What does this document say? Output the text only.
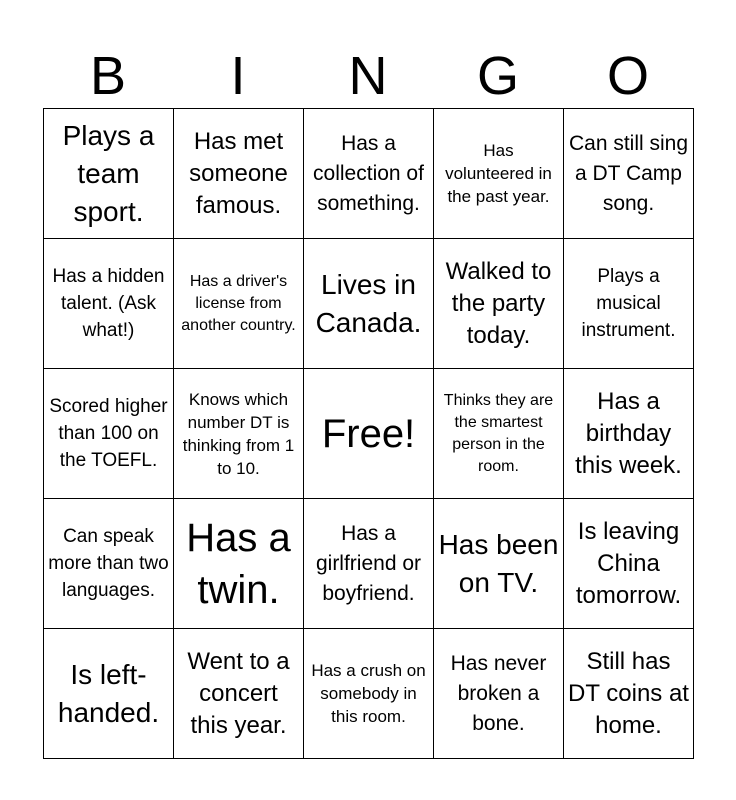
B	I	N	G	O
Plays a team sport.	Has met someone famous.	Has a collection of something.	Has volunteered in the past year.	Can still sing a DT Camp song.

Has a hidden talent. (Ask what!)	Has a driver's license from another country.	Lives in Canada.	Walked to the party today.	Plays a musical instrument.

Scored higher than 100 on the TOEFL.	Knows which number DT is thinking from 1 to 10.	Free!	Thinks they are the smartest person in the room.	Has a birthday this week.

Can speak more than two languages.	Has a twin.	Has a girlfriend or boyfriend.	Has been on TV.	Is leaving China tomorrow.

Is left-handed.	Went to a concert this year.	Has a crush on somebody in this room.	Has never broken a bone.	Still has DT coins at home.
